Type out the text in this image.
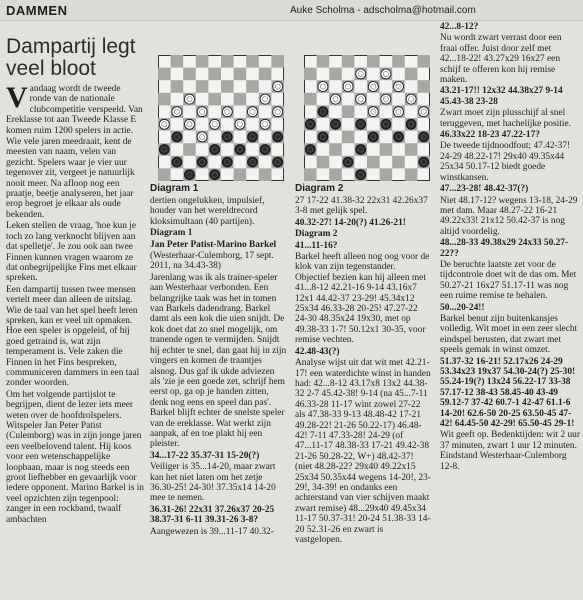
DAMMEN	Auke Scholma - adscholma@hotmail.com
Dampartij legt veel bloot

Vandaag wordt de tweede ronde van de nationale clubcompetitie verspeeld. Van Ereklasse tot aan Tweede Klasse E komen ruim 1200 spelers in actie.

Wie vele jaren meedraait, kent de meesten van naam, velen van gezicht. Spelers waar je vier uur tegenover zit, vergeet je natuurlijk nooit meer. Na afloop nog een praatje, beetje analyseren, het jaar erop begroet je elkaar als oude bekenden.

Leken stellen de vraag, 'hoe kun je toch zo lang verknocht blijven aan dat spelletje'. Je zou ook aan twee Finnen kunnen vragen waarom ze dat onbegrijpelijke Fins met elkaar spreken.

Een dampartij tussen twee mensen vertelt meer dan alleen de uitslag. Wie de taal van het spel heeft leren spreken, kan er veel uit opmaken. Hoe een speler is opgeleid, of hij goed getraind is, wat zijn temperament is. Vele zaken die Finnen in het Fins bespreken, communiceren dammers in een taal zonder woorden.

Om het volgende partijslot te begrijpen, dient de lezer iets meer weten over de hoofdrolspelers. Witspeler Jan Peter Patist (Culemborg) was in zijn jonge jaren een veelbelovend talent. Hij koos voor een wetenschappelijke loopbaan, maar is nog steeds een groot liefhebber en gevaarlijk voor iedere opponent. Marino Barkel is in veel opzichten zijn tegenpool: zanger in een rockband, twaalf ambachten

Diagram 1	Diagram 2

dertien ongelukken, impulsief, houder van het wereldrecord kloksimultaan (40 partijen).

Diagram 1

Jan Peter Patist-Marino Barkel

(Westerhaar-Culemborg, 17 sept. 2011, na 34.43-38)

Jarenlang was ik als trainer-speler aan Westerhaar verbonden. Een belangrijke taak was het in tomen van Barkels dadendrang. Barkel damt als een kok die uien snijdt. De kok doet dat zo snel mogelijk, om tranende ogen te vermijden. Snijdt hij echter te snel, dan gaat hij in zijn vingers en komen de traantjes alsnog. Dus gaf ik ukde adviezen als 'zie je een goede zet, schrijf hem eerst op, ga op je handen zitten, denk nog eens en speel dan pas'. Barkel blijft echter de snelste speler van de ereklasse. Wat werkt zijn aanpak, af en toe plakt hij een pleister.

34...17-22 35.37-31 15-20(?)

Veiliger is 35...14-20, maar zwart kan het niet laten om het zetje 36.30-25! 24-30! 37.35x14 14-20 mee te nemen.

36.31-26! 22x31 37.26x37 20-25 38.37-31 6-11 39.31-26 3-8?

Aangewezen is 39...11-17 40.32-

27 17-22 41.38-32 22x31 42.26x37 3-8 met gelijk spel.

40.32-27! 14-20(?) 41.26-21!

Diagram 2

41...11-16?

Barkel heeft alleen nog oog voor de klok van zijn tegenstander. Objectief bezien kan hij alleen met 41...8-12 42.21-16 9-14 43.16x7 12x1 44.42-37 23-29! 45.34x12 25x34 46.33-28 20-25! 47.27-22 24-30 48.35x24 19x30, met op 49.38-33 1-7! 50.12x1 30-35, voor remise vechten.

42.48-43(?)

Analyse wijst uit dat wit met 42.21-17! een waterdichte winst in handen had: 42...8-12 43.17x8 13x2 44.38-32 2-7 45.42-38! 9-14 (na 45...7-11 46.33-28 11-17 wint zowel 27-22 als 47.38-33 9-13 48.48-42 17-21 49.28-22! 21-26 50.22-17) 46.48-42! 7-11 47.33-28! 24-29 (of 47...11-17 48.38-33 17-21 49.42-38 21-26 50.28-22, W+) 48.42-37! (niet 48.28-22? 29x40 49.22x15 25x34 50.35x44 wegens 14-20!, 23-29!, 34-39! en ondanks een achterstand van vier schijven maakt zwart remise) 48...29x40 49.45x34 11-17 50.37-31! 20-24 51.38-33 14-20 52.31-26 en zwart is vastgelopen.

42...8-12?

Nu wordt zwart verrast door een fraai offer. Juist door zelf met 42...18-22! 43.27x29 16x27 een schijf te offeren kon hij remise maken.

43.21-17!! 12x32 44.38x27 9-14 45.43-38 23-28

Zwart moet zijn plusschijf al snel teruggeven, met hachelijke positie.

46.33x22 18-23 47.22-17?

De tweede tijdnoodfout; 47.42-37! 24-29 48.22-17! 29x40 49.35x44 25x34 50.17-12 biedt goede winstkansen.

47...23-28! 48.42-37(?)

Niet 48.17-12? wegens 13-18, 24-29 met dam. Maar 48.27-22 16-21 49.22x33! 21x12 50.42-37 is nog altijd voordelig.

48...28-33 49.38x29 24x33 50.27-22??

De beruchte laatste zet voor de tijdcontrole doet wit de das om. Met 50.27-21 16x27 51.17-11 was nog een ruime remise te behalen.

50...20-24!!

Barkel benut zijn buitenkansjes volledig. Wit moet in een zeer slecht eindspel berusten, dat zwart met speels gemak in winst omzet.

51.37-32 16-21! 52.17x26 24-29 53.34x23 19x37 54.30-24(?) 25-30! 55.24-19(?) 13x24 56.22-17 33-38 57.17-12 38-43 58.45-40 43-49 59.12-7 37-42 60.7-1 42-47 61.1-6 14-20! 62.6-50 20-25 63.50-45 47-42! 64.45-50 42-29! 65.50-45 29-1!

Wit geeft op. Bedenktijden: wit 2 uur 37 minuten, zwart 1 uur 12 minuten. Eindstand Westerhaar-Culemborg 12-8.
